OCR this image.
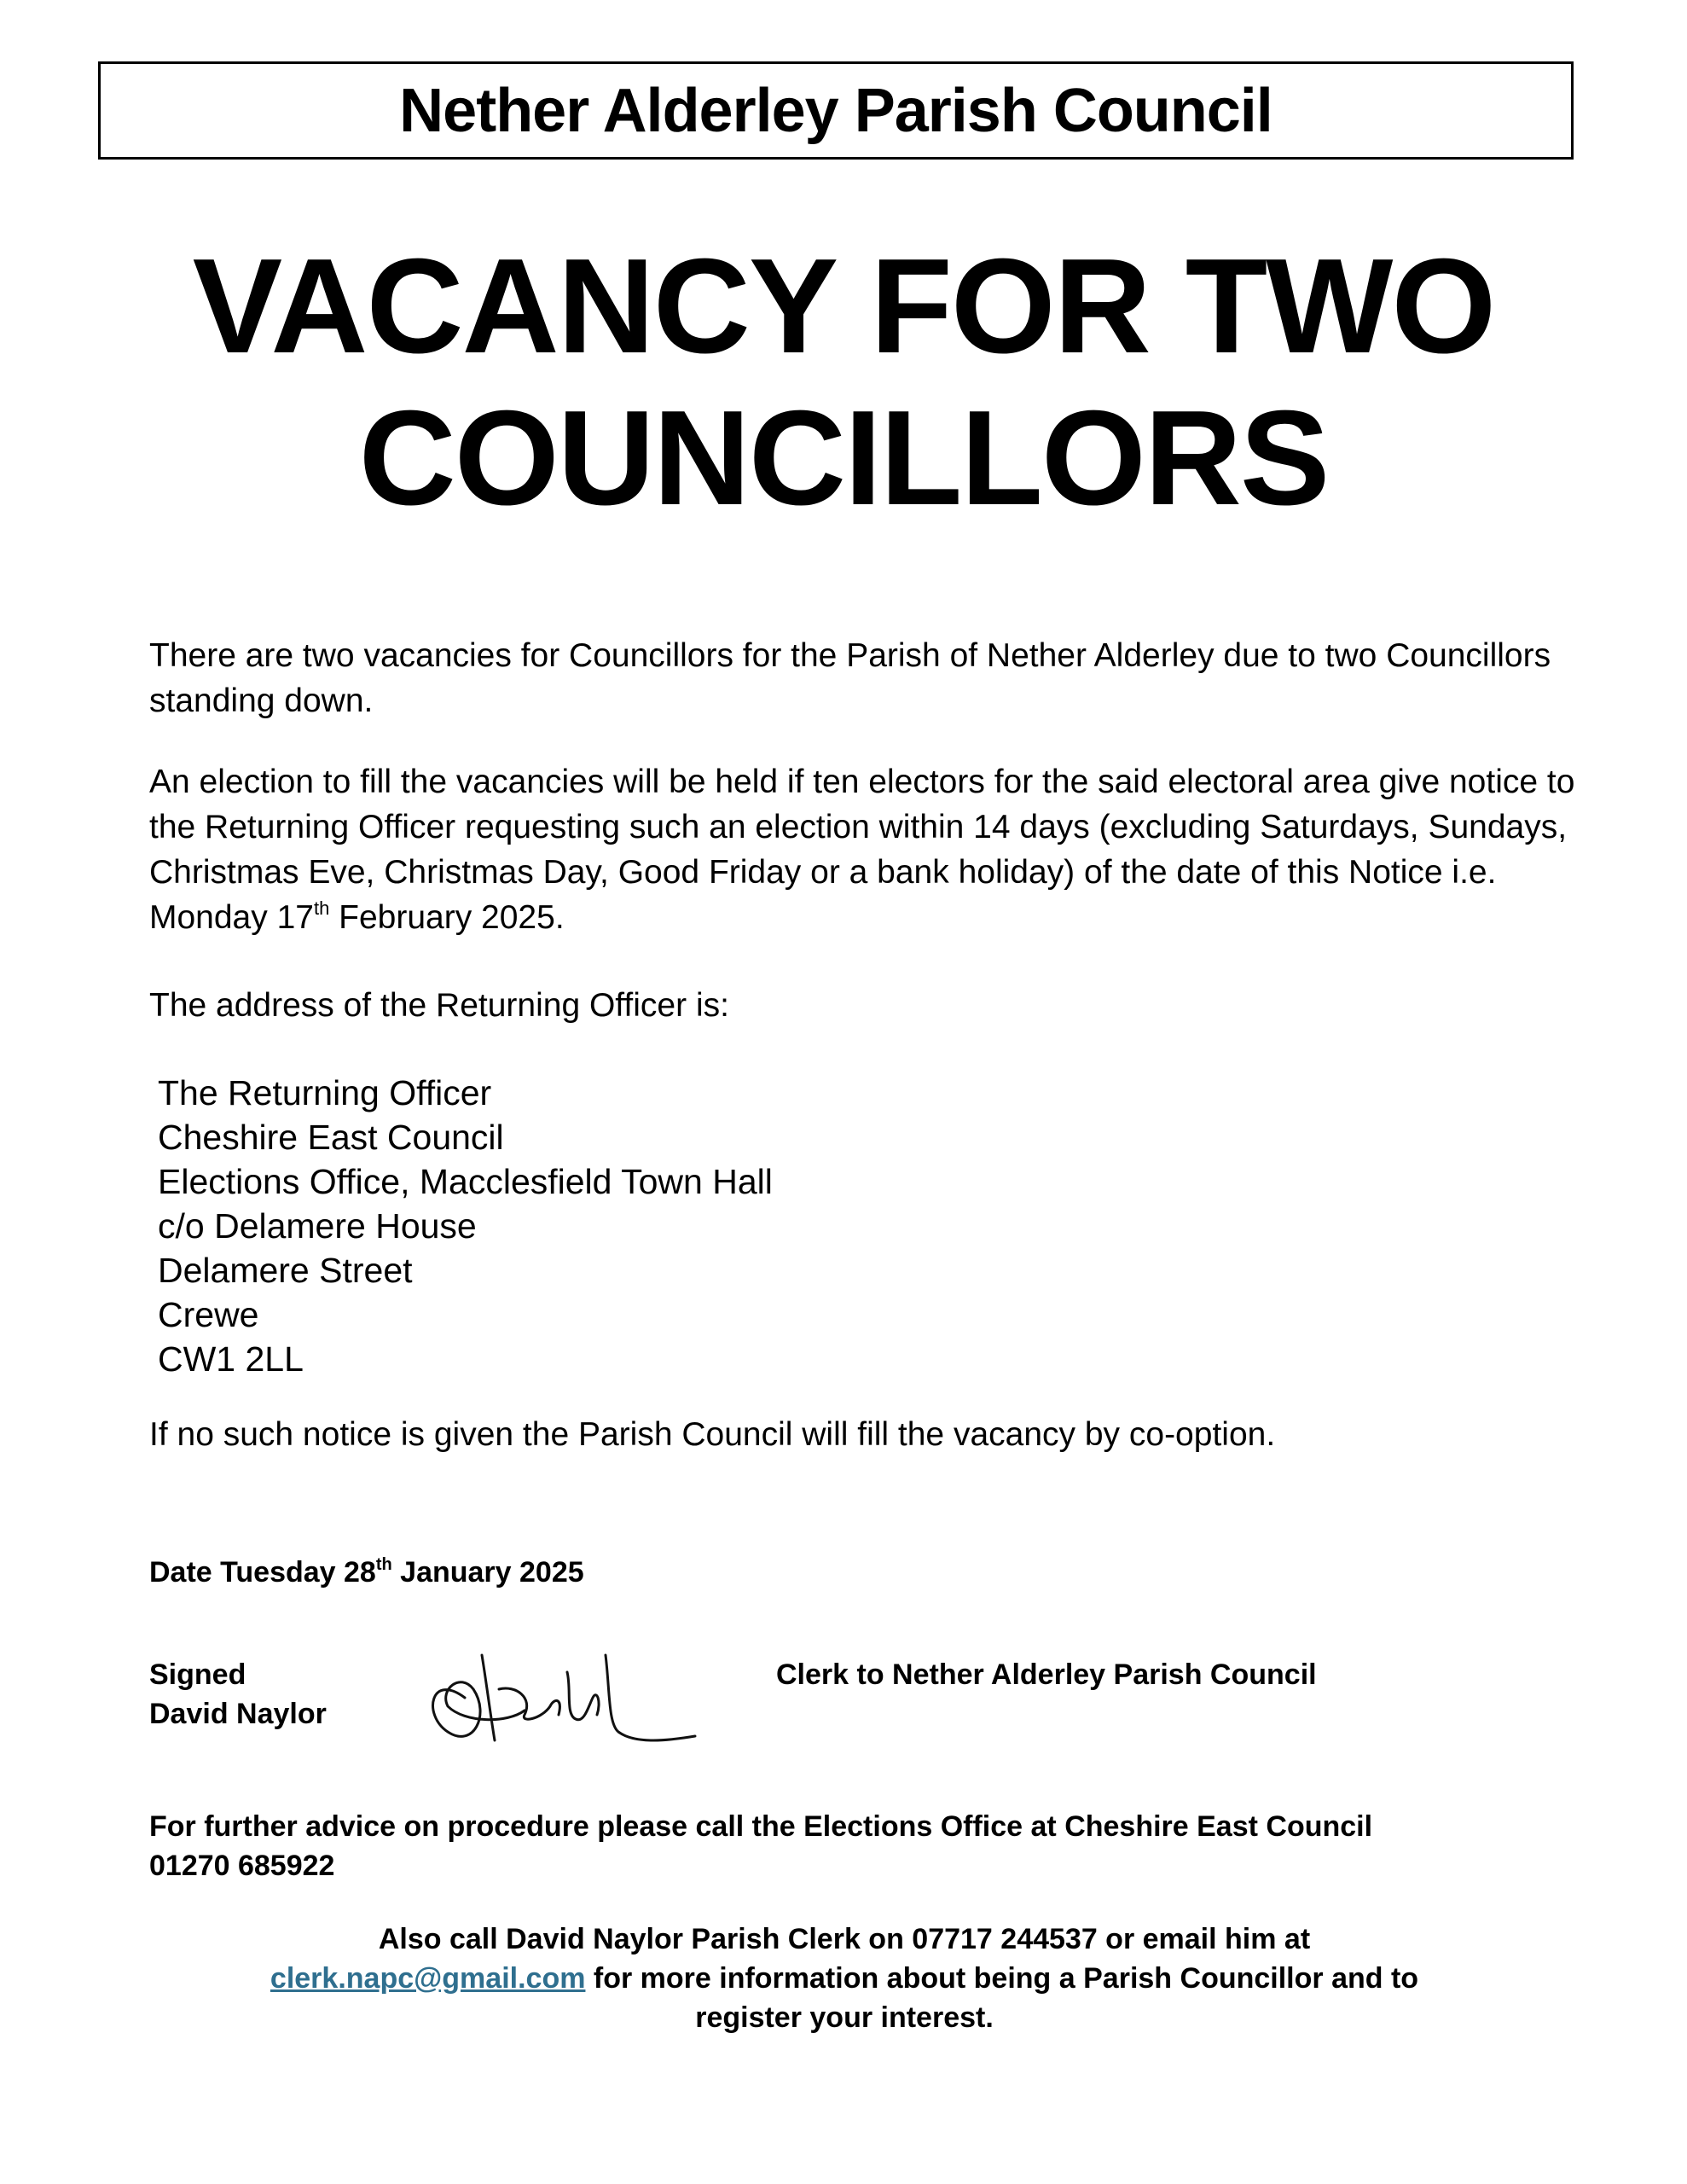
Nether Alderley Parish Council
VACANCY FOR TWO
COUNCILLORS
There are two vacancies for Councillors for the Parish of Nether Alderley due to two Councillors standing down.
An election to fill the vacancies will be held if ten electors for the said electoral area give notice to the Returning Officer requesting such an election within 14 days (excluding Saturdays, Sundays, Christmas Eve, Christmas Day, Good Friday or a bank holiday) of the date of this Notice i.e. Monday 17th February 2025.
The address of the Returning Officer is:
The Returning Officer
Cheshire East Council
Elections Office, Macclesfield Town Hall
c/o Delamere House
Delamere Street
Crewe
CW1 2LL
If no such notice is given the Parish Council will fill the vacancy by co-option.
Date Tuesday 28th January 2025
Signed
David Naylor
Clerk to Nether Alderley Parish Council
For further advice on procedure please call the Elections Office at Cheshire East Council
01270 685922
Also call David Naylor Parish Clerk on 07717 244537 or email him at
clerk.napc@gmail.com for more information about being a Parish Councillor and to
register your interest.
